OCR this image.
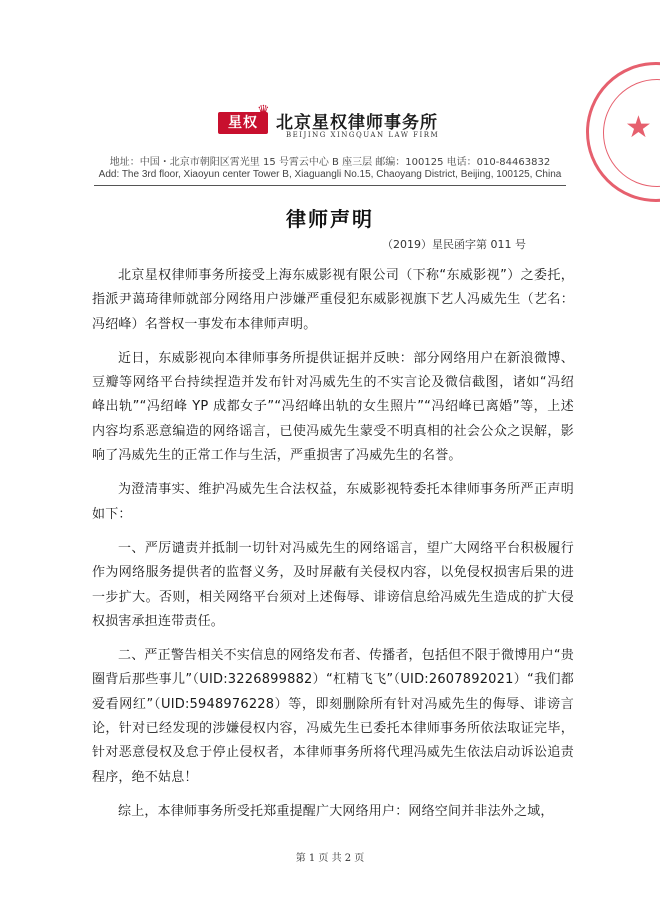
★
星权
♛
北京星权律师事务所
BEIJING XINGQUAN LAW FIRM
地址：中国・北京市朝阳区霄光里 15 号霄云中心 B 座三层 邮编：100125 电话：010-84463832
Add: The 3rd floor, Xiaoyun center Tower B, Xiaguangli No.15, Chaoyang District, Beijing, 100125, China
律师声明
（2019）星民函字第 011 号

北京星权律师事务所接受上海东威影视有限公司（下称“东威影视”）之委托，指派尹蔼琦律师就部分网络用户涉嫌严重侵犯东威影视旗下艺人冯威先生（艺名：冯绍峰）名誉权一事发布本律师声明。

近日，东威影视向本律师事务所提供证据并反映：部分网络用户在新浪微博、豆瓣等网络平台持续捏造并发布针对冯威先生的不实言论及微信截图，诸如“冯绍峰出轨”“冯绍峰 YP 成都女子”“冯绍峰出轨的女生照片”“冯绍峰已离婚”等，上述内容均系恶意编造的网络谣言，已使冯威先生蒙受不明真相的社会公众之误解，影响了冯威先生的正常工作与生活，严重损害了冯威先生的名誉。

为澄清事实、维护冯威先生合法权益，东威影视特委托本律师事务所严正声明如下：

一、严厉谴责并抵制一切针对冯威先生的网络谣言，望广大网络平台积极履行作为网络服务提供者的监督义务，及时屏蔽有关侵权内容，以免侵权损害后果的进一步扩大。否则，相关网络平台须对上述侮辱、诽谤信息给冯威先生造成的扩大侵权损害承担连带责任。

二、严正警告相关不实信息的网络发布者、传播者，包括但不限于微博用户“贵圈背后那些事儿”（UID:3226899882）“杠精飞飞”（UID:2607892021）“我们都爱看网红”（UID:5948976228）等，即刻删除所有针对冯威先生的侮辱、诽谤言论，针对已经发现的涉嫌侵权内容，冯威先生已委托本律师事务所依法取证完毕，针对恶意侵权及怠于停止侵权者，本律师事务所将代理冯威先生依法启动诉讼追责程序，绝不姑息！

综上，本律师事务所受托郑重提醒广大网络用户：网络空间并非法外之域，

第 1 页 共 2 页
